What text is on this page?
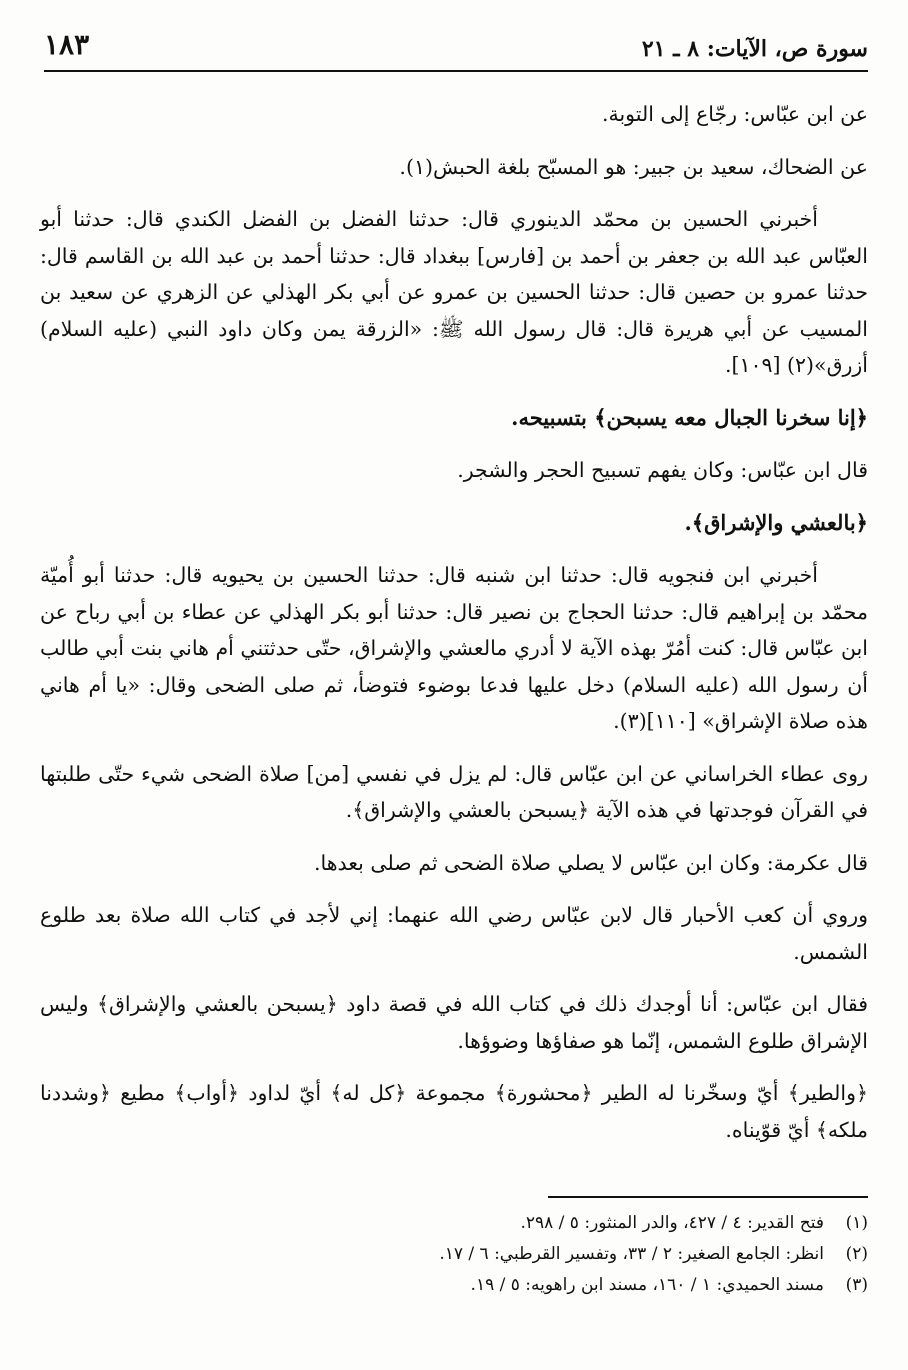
١٨٣	سورة ص، الآيات: ٨ ـ ٢١

عن ابن عبّاس: رجّاع إلى التوبة.

عن الضحاك، سعيد بن جبير: هو المسبّح بلغة الحبش(١).

أخبرني الحسين بن محمّد الدينوري قال: حدثنا الفضل بن الفضل الكندي قال: حدثنا أبو العبّاس عبد الله بن جعفر بن أحمد بن [فارس] ببغداد قال: حدثنا أحمد بن عبد الله بن القاسم قال: حدثنا عمرو بن حصين قال: حدثنا الحسين بن عمرو عن أبي بكر الهذلي عن الزهري عن سعيد بن المسيب عن أبي هريرة قال: قال رسول الله ﷺ: «الزرقة يمن وكان داود النبي (عليه السلام) أزرق»(٢) [١٠٩].

﴿إنا سخرنا الجبال معه يسبحن﴾ بتسبيحه.

قال ابن عبّاس: وكان يفهم تسبيح الحجر والشجر.

﴿بالعشي والإشراق﴾.

أخبرني ابن فنجويه قال: حدثنا ابن شنبه قال: حدثنا الحسين بن يحيويه قال: حدثنا أبو أُميّة محمّد بن إبراهيم قال: حدثنا الحجاج بن نصير قال: حدثنا أبو بكر الهذلي عن عطاء بن أبي رباح عن ابن عبّاس قال: كنت أمُرّ بهذه الآية لا أدري مالعشي والإشراق، حتّى حدثتني أم هاني بنت أبي طالب أن رسول الله (عليه السلام) دخل عليها فدعا بوضوء فتوضأ، ثم صلى الضحى وقال: «يا أم هاني هذه صلاة الإشراق» [١١٠](٣).

روى عطاء الخراساني عن ابن عبّاس قال: لم يزل في نفسي [من] صلاة الضحى شيء حتّى طلبتها في القرآن فوجدتها في هذه الآية ﴿يسبحن بالعشي والإشراق﴾.

قال عكرمة: وكان ابن عبّاس لا يصلي صلاة الضحى ثم صلى بعدها.

وروي أن كعب الأحبار قال لابن عبّاس رضي الله عنهما: إني لأجد في كتاب الله صلاة بعد طلوع الشمس.

فقال ابن عبّاس: أنا أوجدك ذلك في كتاب الله في قصة داود ﴿يسبحن بالعشي والإشراق﴾ وليس الإشراق طلوع الشمس، إنّما هو صفاؤها وضوؤها.

﴿والطير﴾ أيّ وسخّرنا له الطير ﴿محشورة﴾ مجموعة ﴿كل له﴾ أيّ لداود ﴿أواب﴾ مطيع ﴿وشددنا ملكه﴾ أيّ قوّيناه.

(١)
فتح القدير: ٤ / ٤٢٧، والدر المنثور: ٥ / ٢٩٨.
(٢)
انظر: الجامع الصغير: ٢ / ٣٣، وتفسير القرطبي: ٦ / ١٧.
(٣)
مسند الحميدي: ١ / ١٦٠، مسند ابن راهويه: ٥ / ١٩.
